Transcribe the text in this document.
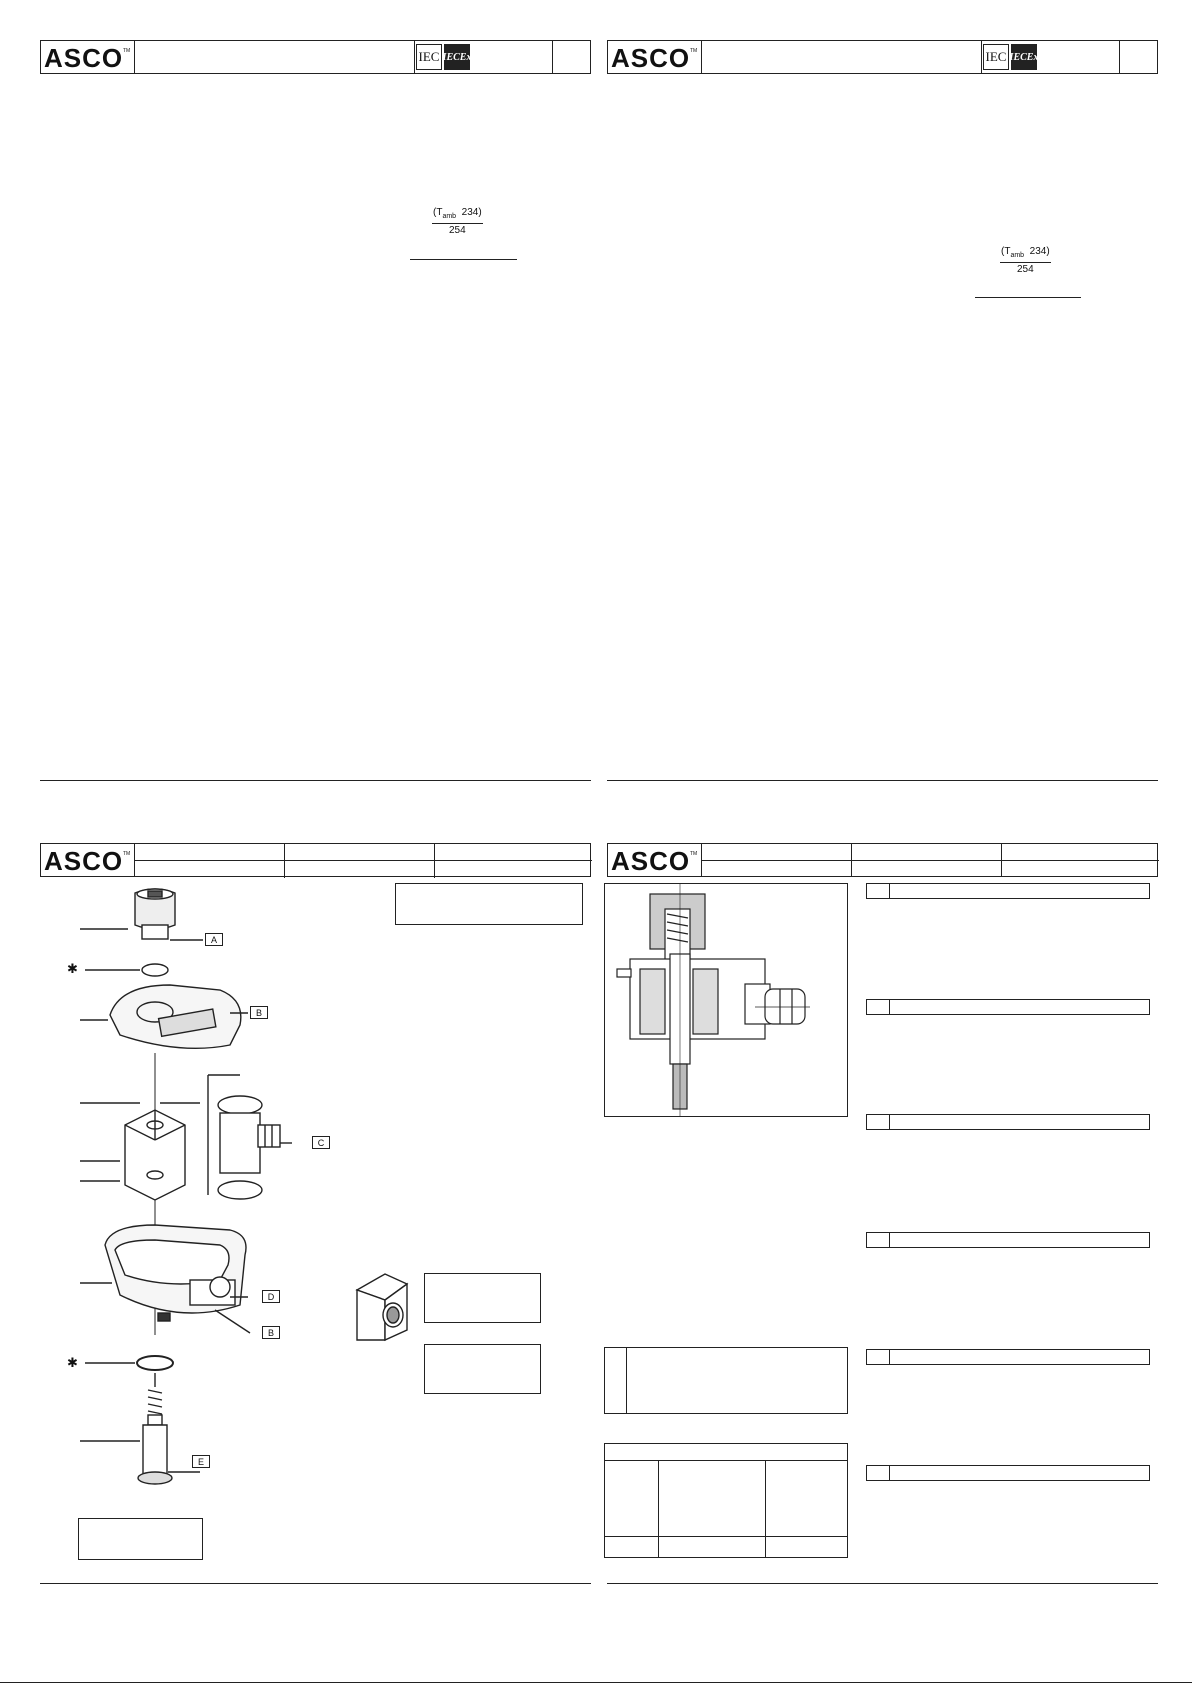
ASCO TM	IEC IECEx
($T_{amb}$ 234)
254
ASCO TM	IEC IECEx
($T_{amb}$ 234)
254
ASCO TM
A
✱
B
C
D
B
✱
E
ASCO TM
